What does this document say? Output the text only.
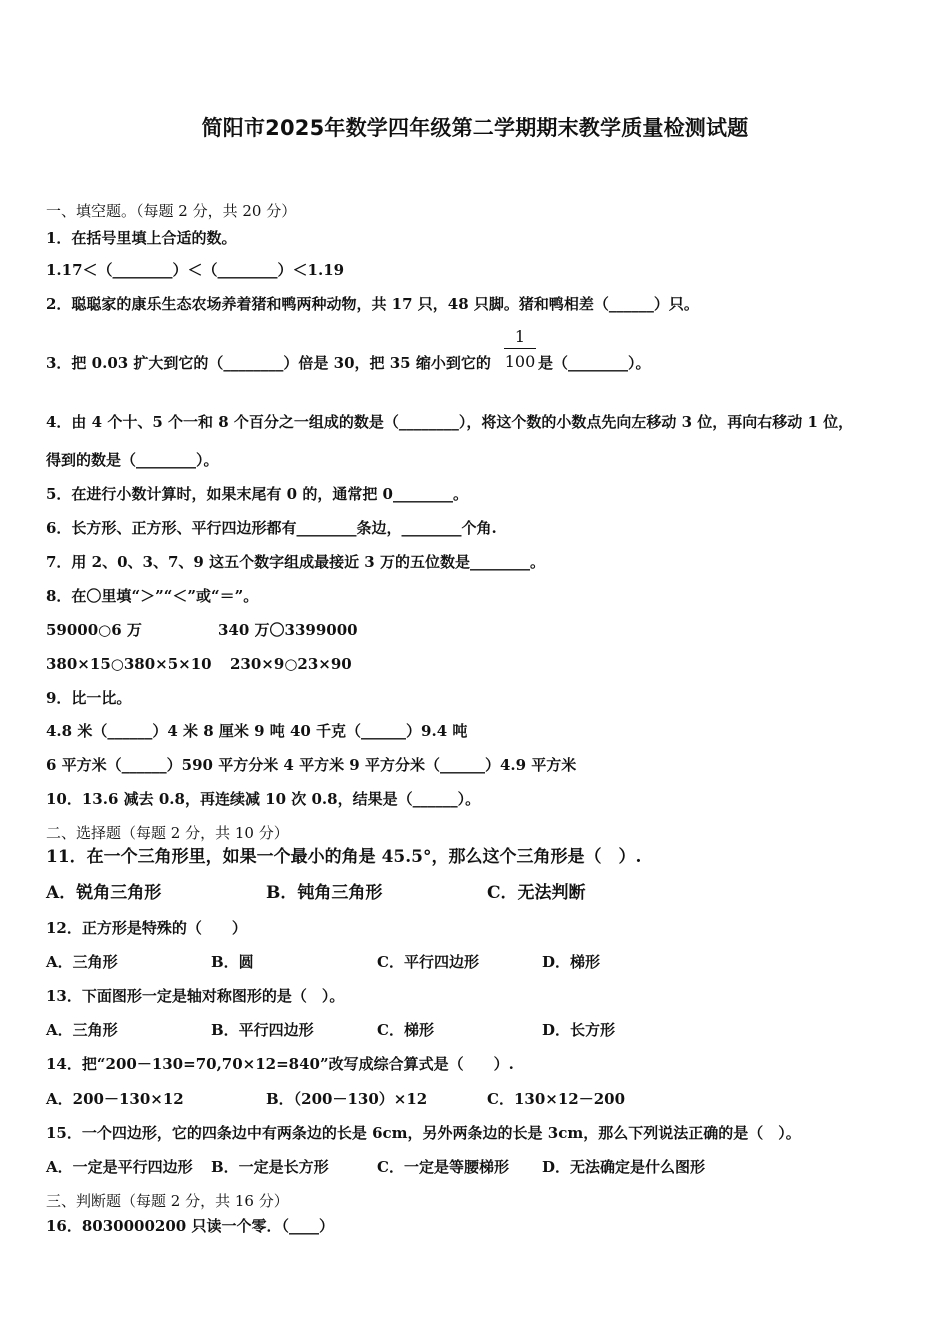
简阳市2025年数学四年级第二学期期末教学质量检测试题
一、填空题。（每题 2 分，共 20 分）
1．在括号里填上合适的数。
1.17＜（________）＜（________）＜1.19
2．聪聪家的康乐生态农场养着猪和鸭两种动物，共 17 只，48 只脚。猪和鸭相差（______）只。
3．把 0.03 扩大到它的（________）倍是 30，把 35 缩小到它的
1
100 是（________）。
4．由 4 个十、5 个一和 8 个百分之一组成的数是（________），将这个数的小数点先向左移动 3 位，再向右移动 1 位，
得到的数是（________）。
5．在进行小数计算时，如果末尾有 0 的，通常把 0________。
6．长方形、正方形、平行四边形都有________条边，________个角.
7．用 2、0、3、7、9 这五个数字组成最接近 3 万的五位数是________。
8．在〇里填“＞”“＜”或“＝”。
59000○6 万	340 万〇3399000
380×15○380×5×10 230×9○23×90
9．比一比。
4.8 米（______）4 米 8 厘米 9 吨 40 千克（______）9.4 吨
6 平方米（______）590 平方分米 4 平方米 9 平方分米（______）4.9 平方米
10．13.6 减去 0.8，再连续减 10 次 0.8，结果是（______）。
二、选择题（每题 2 分，共 10 分）
11．在一个三角形里，如果一个最小的角是 45.5°，那么这个三角形是（　）.
A．锐角三角形	B．钝角三角形	C．无法判断
12．正方形是特殊的（　　）
A．三角形	B．圆	C．平行四边形	D．梯形
13．下面图形一定是轴对称图形的是（　）。
A．三角形	B．平行四边形	C．梯形	D．长方形
14．把“200－130=70,70×12=840”改写成综合算式是（　　）.
A．200－130×12	B．（200－130）×12	C．130×12－200
15．一个四边形，它的四条边中有两条边的长是 6cm，另外两条边的长是 3cm，那么下列说法正确的是（　）。
A．一定是平行四边形 B．一定是长方形	C．一定是等腰梯形 D．无法确定是什么图形
三、判断题（每题 2 分，共 16 分）
16．8030000200 只读一个零．（____）
